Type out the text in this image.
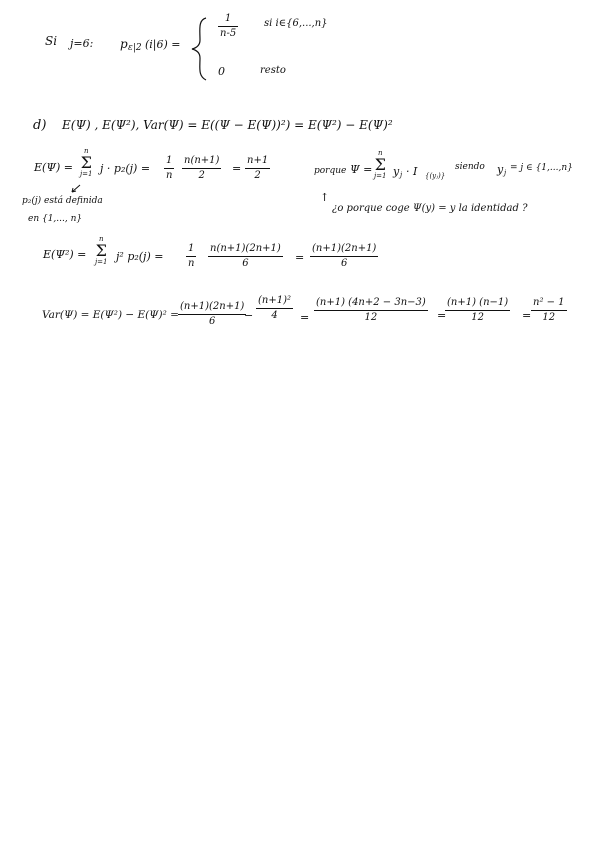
Si j=6: p ε|2 (i|6) =
1
n-5
si i∈{6,...,n}
0	resto
d) E(Ψ) , E(Ψ²), Var(Ψ) = E((Ψ − E(Ψ))²) = E(Ψ²) − E(Ψ)²
E(Ψ) =
n
Σ
j=1 j · p₂(j) =
1
n
n(n+1)
2
=
n+1
2	porque Ψ =
n
Σ
j=1 y j · I {(yⱼ)}
siendo y j = j ∈ {1,...,n}
p₂(j) está definida
en {1,..., n}
↑
¿o porque coge Ψ(y) = y la identidad ?
E(Ψ²) =
n
Σ
j=1 j² p₂(j) =
1
n
n(n+1)(2n+1)
6	=
(n+1)(2n+1)
6
Var(Ψ) = E(Ψ²) − E(Ψ)² =
(n+1)(2n+1)
6	−
(n+1)²
4 =
(n+1) (4n+2 − 3n−3)
12	=
(n+1) (n−1)
12	=
n² − 1
12
